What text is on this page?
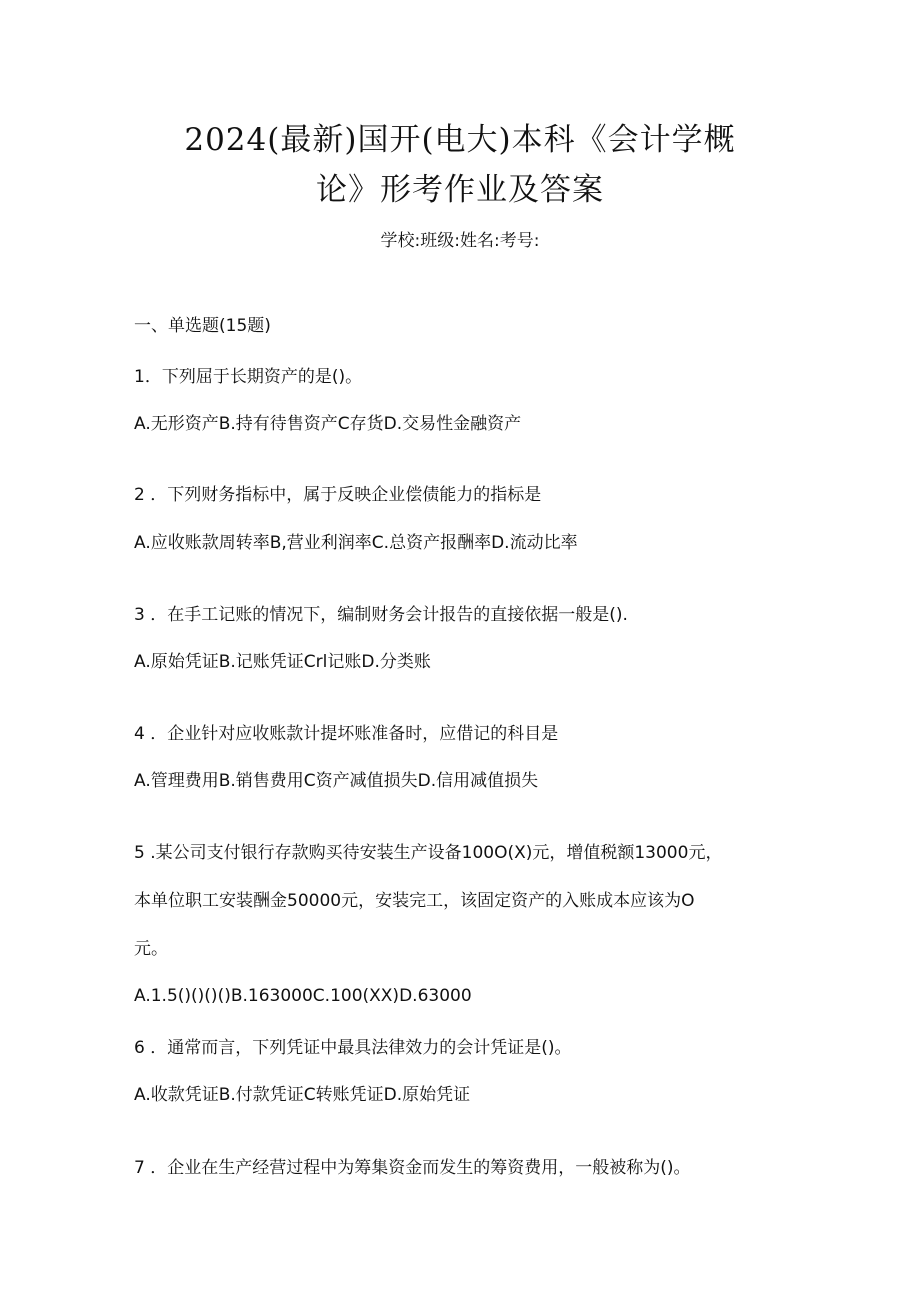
2024(最新)国开(电大)本科《会计学概
论》形考作业及答案
学校:班级:姓名:考号:
一、单选题(15题)
1．下列屈于长期资产的是()。
A.无形资产B.持有待售资产C存货D.交易性金融资产
2 ．下列财务指标中，属于反映企业偿债能力的指标是
A.应收账款周转率B,营业利润率C.总资产报酬率D.流动比率
3 ．在手工记账的情况下，编制财务会计报告的直接依据一般是().
A.原始凭证B.记账凭证Crl记账D.分类账
4 ．企业针对应收账款计提坏账准备时，应借记的科目是
A.管理费用B.销售费用C资产减值损失D.信用减值损失
5 .某公司支付银行存款购买待安装生产设备100O(X)元，增值税额13000元，
本单位职工安装酬金50000元，安装完工，该固定资产的入账成本应该为O
元。
A.1.5()()()()B.163000C.100(XX)D.63000
6 ．通常而言，下列凭证中最具法律效力的会计凭证是()。
A.收款凭证B.付款凭证C转账凭证D.原始凭证
7 ．企业在生产经营过程中为筹集资金而发生的筹资费用，一般被称为()。
